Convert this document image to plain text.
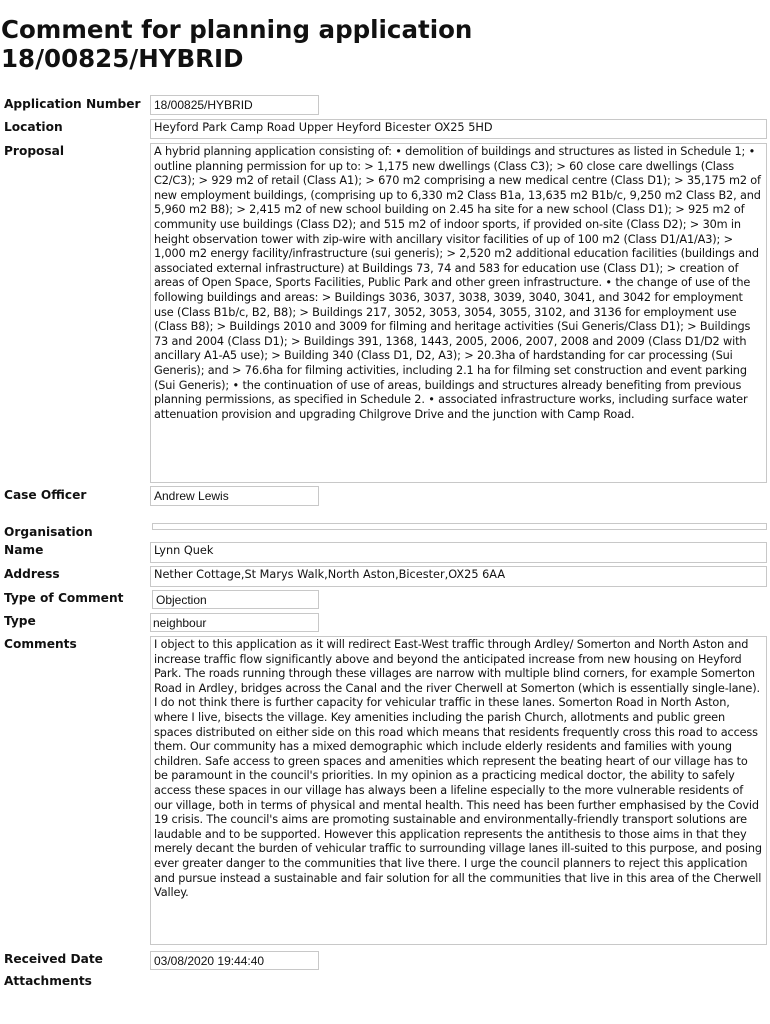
Comment for planning application
18/00825/HYBRID
Application Number	18/00825/HYBRID
Location	Heyford Park Camp Road Upper Heyford Bicester OX25 5HD
Proposal	A hybrid planning application consisting of: • demolition of buildings and structures as listed in Schedule 1; • outline planning permission for up to: > 1,175 new dwellings (Class C3); > 60 close care dwellings (Class C2/C3); > 929 m2 of retail (Class A1); > 670 m2 comprising a new medical centre (Class D1); > 35,175 m2 of new employment buildings, (comprising up to 6,330 m2 Class B1a, 13,635 m2 B1b/c, 9,250 m2 Class B2, and 5,960 m2 B8); > 2,415 m2 of new school building on 2.45 ha site for a new school (Class D1); > 925 m2 of community use buildings (Class D2); and 515 m2 of indoor sports, if provided on-site (Class D2); > 30m in height observation tower with zip-wire with ancillary visitor facilities of up of 100 m2 (Class D1/A1/A3); > 1,000 m2 energy facility/infrastructure (sui generis); > 2,520 m2 additional education facilities (buildings and associated external infrastructure) at Buildings 73, 74 and 583 for education use (Class D1); > creation of areas of Open Space, Sports Facilities, Public Park and other green infrastructure. • the change of use of the following buildings and areas: > Buildings 3036, 3037, 3038, 3039, 3040, 3041, and 3042 for employment use (Class B1b/c, B2, B8); > Buildings 217, 3052, 3053, 3054, 3055, 3102, and 3136 for employment use (Class B8); > Buildings 2010 and 3009 for filming and heritage activities (Sui Generis/Class D1); > Buildings 73 and 2004 (Class D1); > Buildings 391, 1368, 1443, 2005, 2006, 2007, 2008 and 2009 (Class D1/D2 with ancillary A1-A5 use); > Building 340 (Class D1, D2, A3); > 20.3ha of hardstanding for car processing (Sui Generis); and > 76.6ha for filming activities, including 2.1 ha for filming set construction and event parking (Sui Generis); • the continuation of use of areas, buildings and structures already benefiting from previous planning permissions, as specified in Schedule 2. • associated infrastructure works, including surface water attenuation provision and upgrading Chilgrove Drive and the junction with Camp Road.
Case Officer	Andrew Lewis
Organisation
Name	Lynn Quek
Address	Nether Cottage,St Marys Walk,North Aston,Bicester,OX25 6AA
Type of Comment	Objection
Type	neighbour
Comments	I object to this application as it will redirect East-West traffic through Ardley/ Somerton and North Aston and increase traffic flow significantly above and beyond the anticipated increase from new housing on Heyford Park. The roads running through these villages are narrow with multiple blind corners, for example Somerton Road in Ardley, bridges across the Canal and the river Cherwell at Somerton (which is essentially single-lane). I do not think there is further capacity for vehicular traffic in these lanes. Somerton Road in North Aston, where I live, bisects the village. Key amenities including the parish Church, allotments and public green spaces distributed on either side on this road which means that residents frequently cross this road to access them. Our community has a mixed demographic which include elderly residents and families with young children. Safe access to green spaces and amenities which represent the beating heart of our village has to be paramount in the council's priorities. In my opinion as a practicing medical doctor, the ability to safely access these spaces in our village has always been a lifeline especially to the more vulnerable residents of our village, both in terms of physical and mental health. This need has been further emphasised by the Covid 19 crisis. The council's aims are promoting sustainable and environmentally-friendly transport solutions are laudable and to be supported. However this application represents the antithesis to those aims in that they merely decant the burden of vehicular traffic to surrounding village lanes ill-suited to this purpose, and posing ever greater danger to the communities that live there. I urge the council planners to reject this application and pursue instead a sustainable and fair solution for all the communities that live in this area of the Cherwell Valley.
Received Date	03/08/2020 19:44:40
Attachments
